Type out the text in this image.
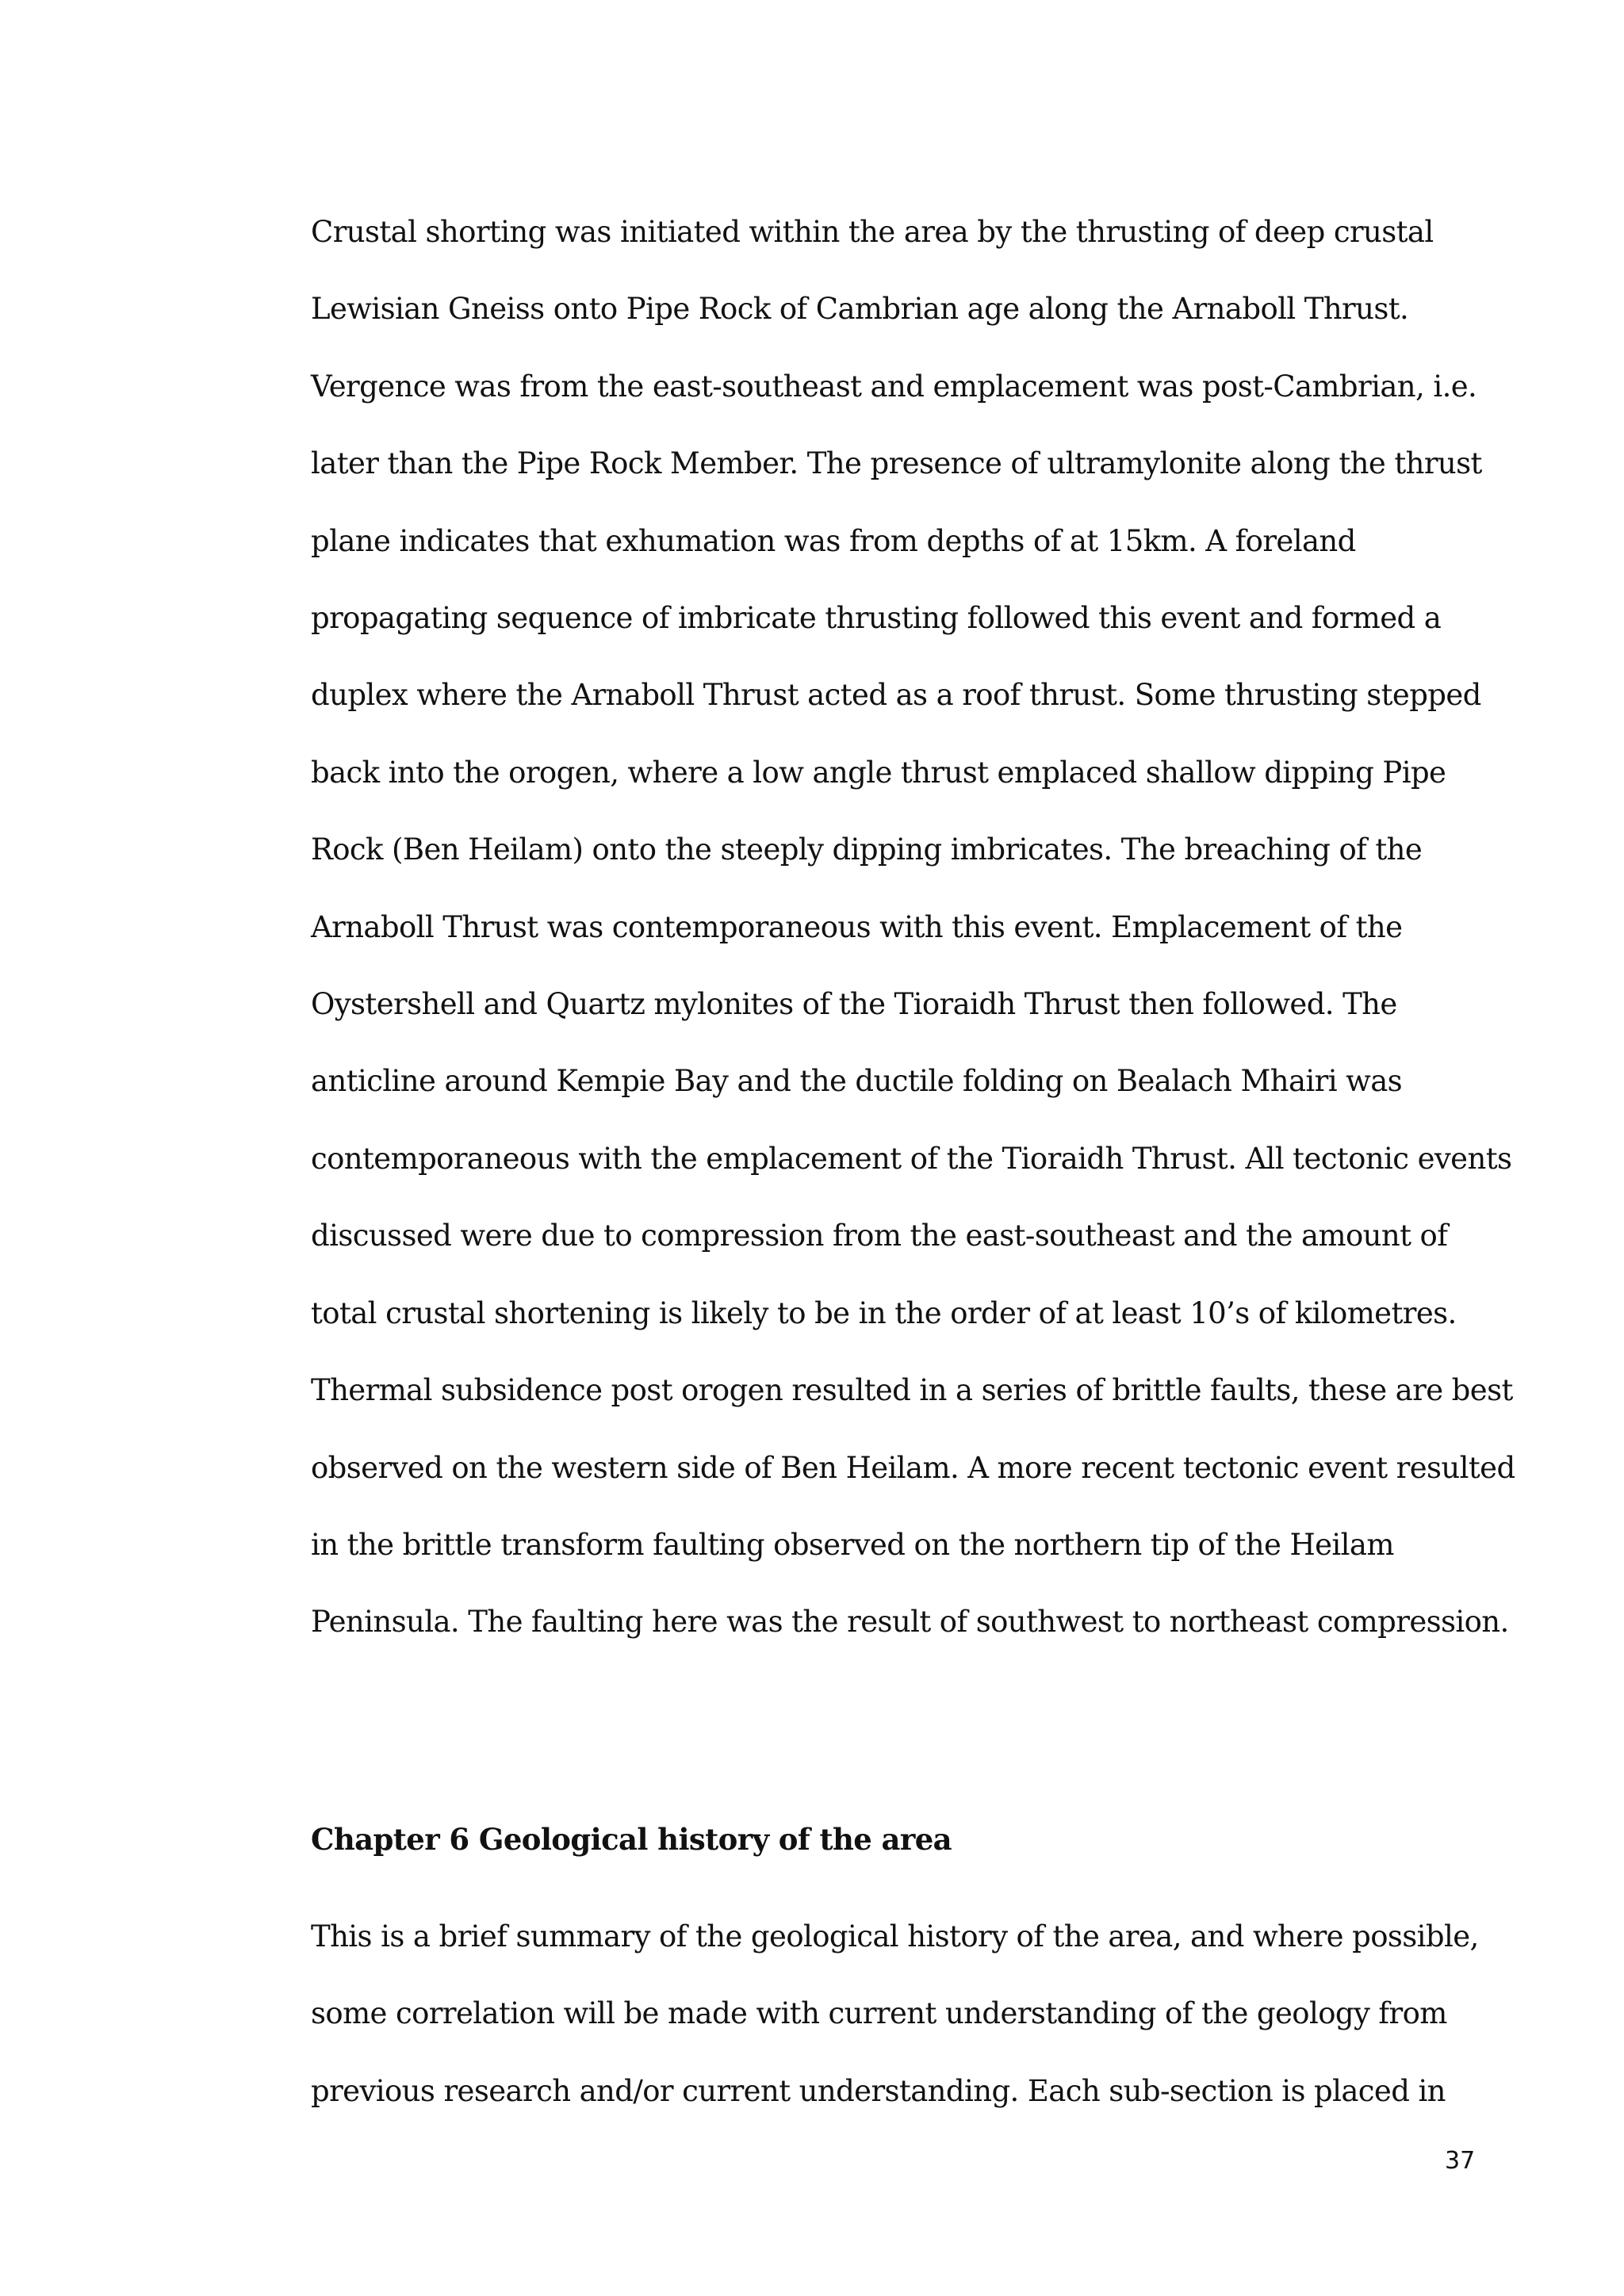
Crustal shorting was initiated within the area by the thrusting of deep crustal
Lewisian Gneiss onto Pipe Rock of Cambrian age along the Arnaboll Thrust.
Vergence was from the east-southeast and emplacement was post-Cambrian, i.e.
later than the Pipe Rock Member. The presence of ultramylonite along the thrust
plane indicates that exhumation was from depths of at 15km. A foreland
propagating sequence of imbricate thrusting followed this event and formed a
duplex where the Arnaboll Thrust acted as a roof thrust. Some thrusting stepped
back into the orogen, where a low angle thrust emplaced shallow dipping Pipe
Rock (Ben Heilam) onto the steeply dipping imbricates. The breaching of the
Arnaboll Thrust was contemporaneous with this event. Emplacement of the
Oystershell and Quartz mylonites of the Tioraidh Thrust then followed. The
anticline around Kempie Bay and the ductile folding on Bealach Mhairi was
contemporaneous with the emplacement of the Tioraidh Thrust. All tectonic events
discussed were due to compression from the east-southeast and the amount of
total crustal shortening is likely to be in the order of at least 10’s of kilometres.
Thermal subsidence post orogen resulted in a series of brittle faults, these are best
observed on the western side of Ben Heilam. A more recent tectonic event resulted
in the brittle transform faulting observed on the northern tip of the Heilam
Peninsula. The faulting here was the result of southwest to northeast compression.
Chapter 6 Geological history of the area
This is a brief summary of the geological history of the area, and where possible,
some correlation will be made with current understanding of the geology from
previous research and/or current understanding. Each sub-section is placed in
37
